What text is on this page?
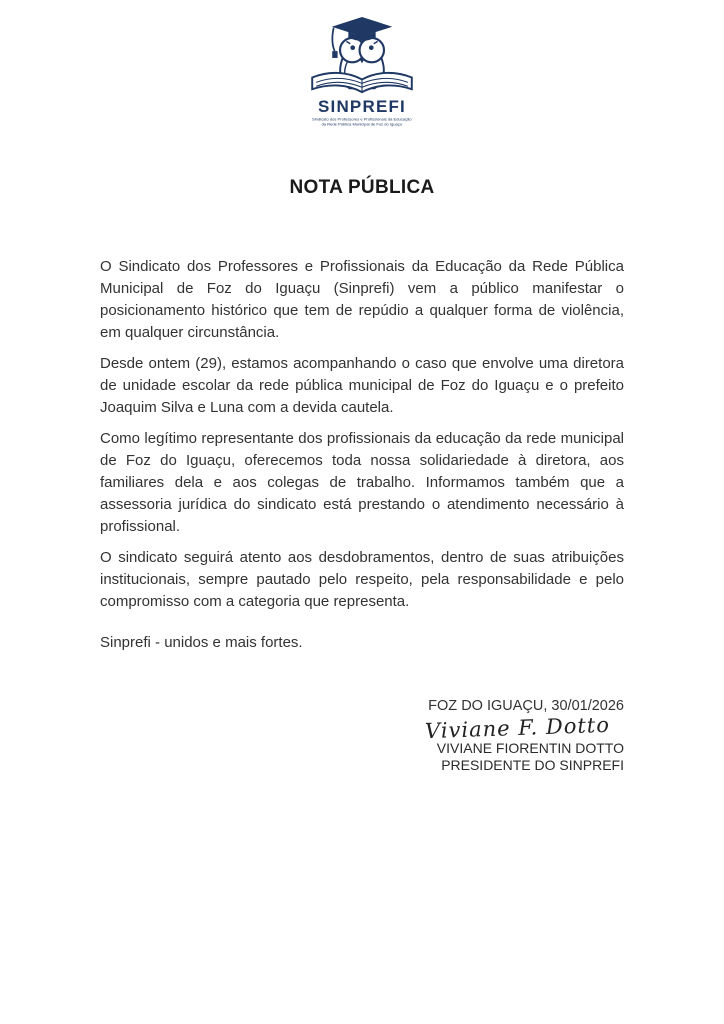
SINPREFI
Sindicato dos Professores e Profissionais da Educação
da Rede Pública Municipal de Foz do Iguaçu
NOTA PÚBLICA

O Sindicato dos Professores e Profissionais da Educação da Rede Pública Municipal de Foz do Iguaçu (Sinprefi) vem a público manifestar o posicionamento histórico que tem de repúdio a qualquer forma de violência, em qualquer circunstância.

Desde ontem (29), estamos acompanhando o caso que envolve uma diretora de unidade escolar da rede pública municipal de Foz do Iguaçu e o prefeito Joaquim Silva e Luna com a devida cautela.

Como legítimo representante dos profissionais da educação da rede municipal de Foz do Iguaçu, oferecemos toda nossa solidariedade à diretora, aos familiares dela e aos colegas de trabalho. Informamos também que a assessoria jurídica do sindicato está prestando o atendimento necessário à profissional.

O sindicato seguirá atento aos desdobramentos, dentro de suas atribuições institucionais, sempre pautado pelo respeito, pela responsabilidade e pelo compromisso com a categoria que representa.

Sinprefi - unidos e mais fortes.

FOZ DO IGUAÇU, 30/01/2026
Viviane F. Dotto
VIVIANE FIORENTIN DOTTO
PRESIDENTE DO SINPREFI
